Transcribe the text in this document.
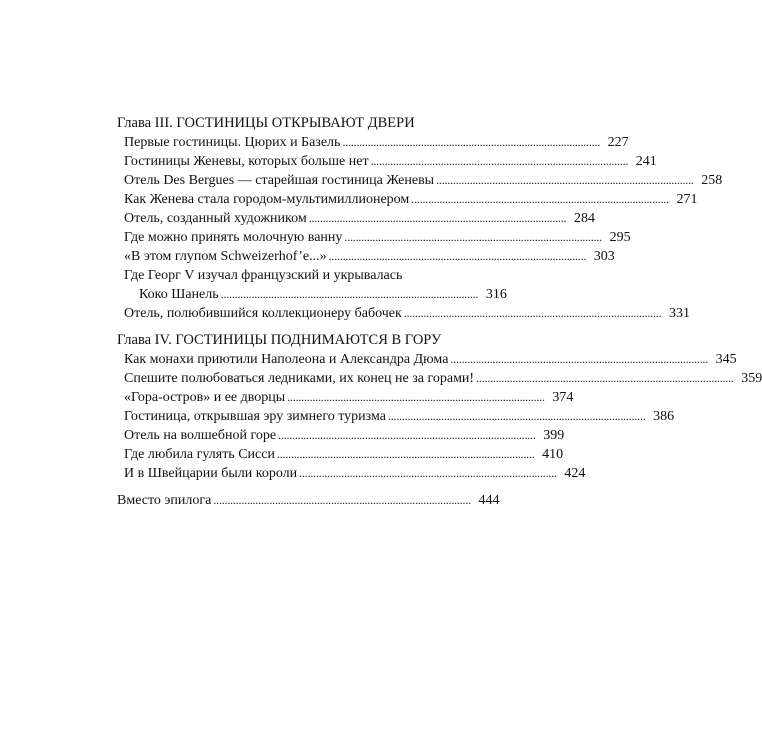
Глава III. ГОСТИНИЦЫ ОТКРЫВАЮТ ДВЕРИ
Первые гостиницы. Цюрих и Базель . . .	227
Гостиницы Женевы, которых больше нет . . .	241
Отель Des Bergues — старейшая гостиница Женевы . . .	258
Как Женева стала городом-мультимиллионером . . .	271
Отель, созданный художником . . .	284
Где можно принять молочную ванну . . .	295
«В этом глупом Schweizerhof’e...» . . .	303
Где Георг V изучал французский и укрывалась
Коко Шанель . . .	316
Отель, полюбившийся коллекционеру бабочек . . .	331
Глава IV. ГОСТИНИЦЫ ПОДНИМАЮТСЯ В ГОРУ
Как монахи приютили Наполеона и Александра Дюма . . .	345
Спешите полюбоваться ледниками, их конец не за горами! . . .	359
«Гора-остров» и ее дворцы . . .	374
Гостиница, открывшая эру зимнего туризма . . .	386
Отель на волшебной горе . . .	399
Где любила гулять Сисси . . .	410
И в Швейцарии были короли . . .	424
Вместо эпилога . . .	444
